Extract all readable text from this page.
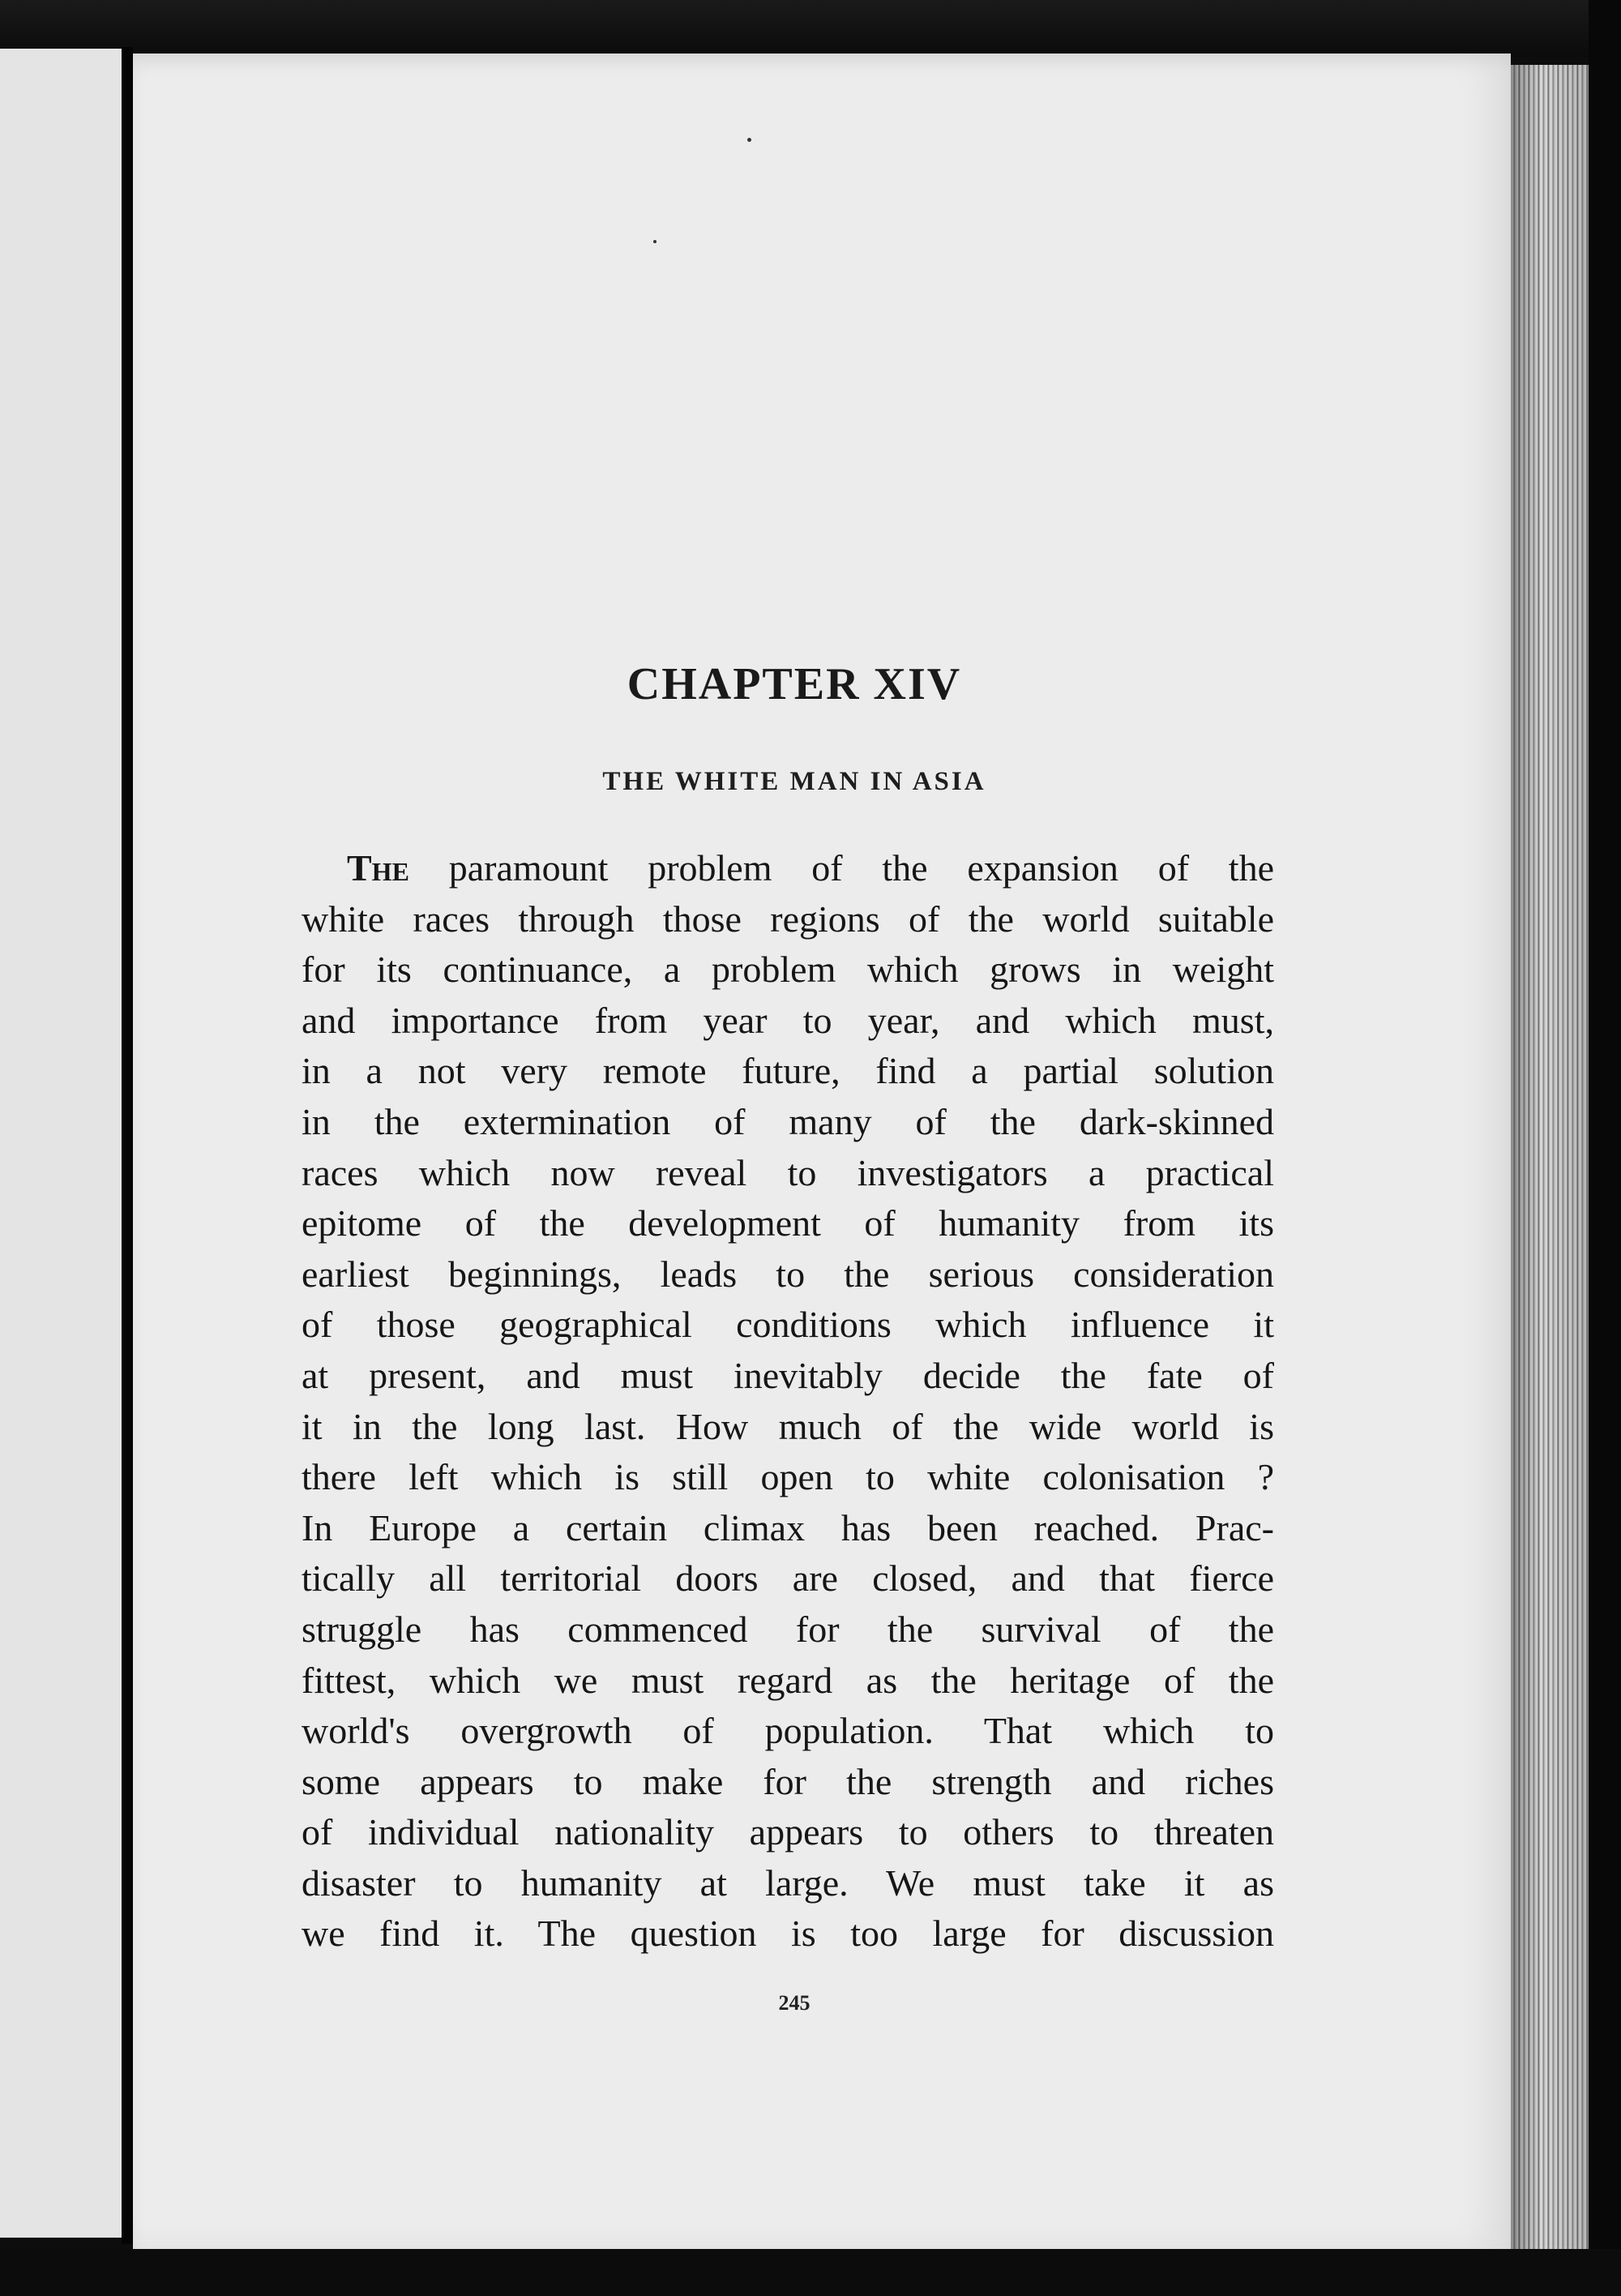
CHAPTER XIV
THE WHITE MAN IN ASIA
The paramount problem of the expansion of the
white races through those regions of the world suitable
for its continuance, a problem which grows in weight
and importance from year to year, and which must,
in a not very remote future, find a partial solution
in the extermination of many of the dark-skinned
races which now reveal to investigators a practical
epitome of the development of humanity from its
earliest beginnings, leads to the serious consideration
of those geographical conditions which influence it
at present, and must inevitably decide the fate of
it in the long last. How much of the wide world is
there left which is still open to white colonisation ?
In Europe a certain climax has been reached. Prac-
tically all territorial doors are closed, and that fierce
struggle has commenced for the survival of the
fittest, which we must regard as the heritage of the
world's overgrowth of population. That which to
some appears to make for the strength and riches
of individual nationality appears to others to threaten
disaster to humanity at large. We must take it as
we find it. The question is too large for discussion
245
